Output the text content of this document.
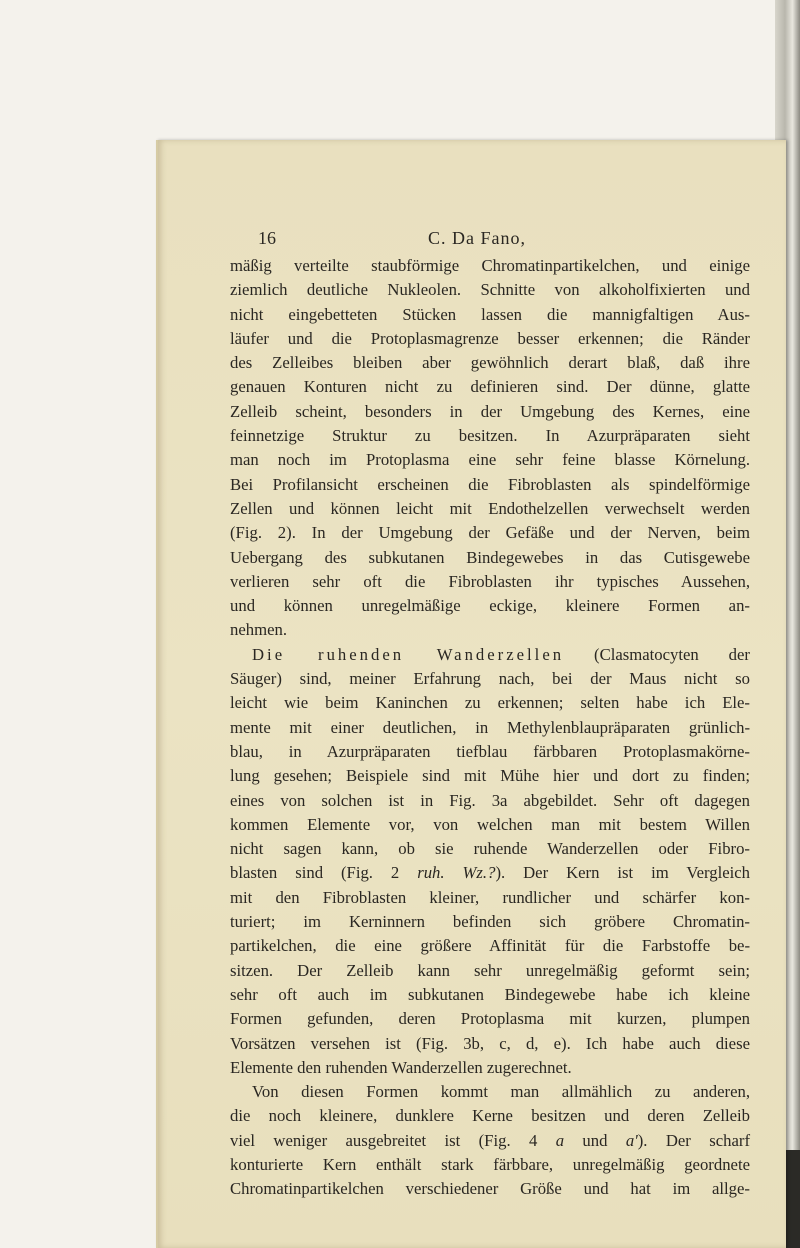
16	C. Da Fano,
mäßig verteilte staubförmige Chromatinpartikelchen, und einige
ziemlich deutliche Nukleolen. Schnitte von alkoholfixierten und
nicht eingebetteten Stücken lassen die mannigfaltigen Aus-
läufer und die Protoplasmagrenze besser erkennen; die Ränder
des Zelleibes bleiben aber gewöhnlich derart blaß, daß ihre
genauen Konturen nicht zu definieren sind. Der dünne, glatte
Zelleib scheint, besonders in der Umgebung des Kernes, eine
feinnetzige Struktur zu besitzen. In Azurpräparaten sieht
man noch im Protoplasma eine sehr feine blasse Körnelung.
Bei Profilansicht erscheinen die Fibroblasten als spindelförmige
Zellen und können leicht mit Endothelzellen verwechselt werden
(Fig. 2). In der Umgebung der Gefäße und der Nerven, beim
Uebergang des subkutanen Bindegewebes in das Cutisgewebe
verlieren sehr oft die Fibroblasten ihr typisches Aussehen,
und können unregelmäßige eckige, kleinere Formen an-
nehmen.
Die ruhenden Wanderzellen (Clasmatocyten der
Säuger) sind, meiner Erfahrung nach, bei der Maus nicht so
leicht wie beim Kaninchen zu erkennen; selten habe ich Ele-
mente mit einer deutlichen, in Methylenblaupräparaten grünlich-
blau, in Azurpräparaten tiefblau färbbaren Protoplasmakörne-
lung gesehen; Beispiele sind mit Mühe hier und dort zu finden;
eines von solchen ist in Fig. 3a abgebildet. Sehr oft dagegen
kommen Elemente vor, von welchen man mit bestem Willen
nicht sagen kann, ob sie ruhende Wanderzellen oder Fibro-
blasten sind (Fig. 2 ruh. Wz.?). Der Kern ist im Vergleich
mit den Fibroblasten kleiner, rundlicher und schärfer kon-
turiert; im Kerninnern befinden sich gröbere Chromatin-
partikelchen, die eine größere Affinität für die Farbstoffe be-
sitzen. Der Zelleib kann sehr unregelmäßig geformt sein;
sehr oft auch im subkutanen Bindegewebe habe ich kleine
Formen gefunden, deren Protoplasma mit kurzen, plumpen
Vorsätzen versehen ist (Fig. 3b, c, d, e). Ich habe auch diese
Elemente den ruhenden Wanderzellen zugerechnet.
Von diesen Formen kommt man allmählich zu anderen,
die noch kleinere, dunklere Kerne besitzen und deren Zelleib
viel weniger ausgebreitet ist (Fig. 4 a und a'). Der scharf
konturierte Kern enthält stark färbbare, unregelmäßig geordnete
Chromatinpartikelchen verschiedener Größe und hat im allge-
